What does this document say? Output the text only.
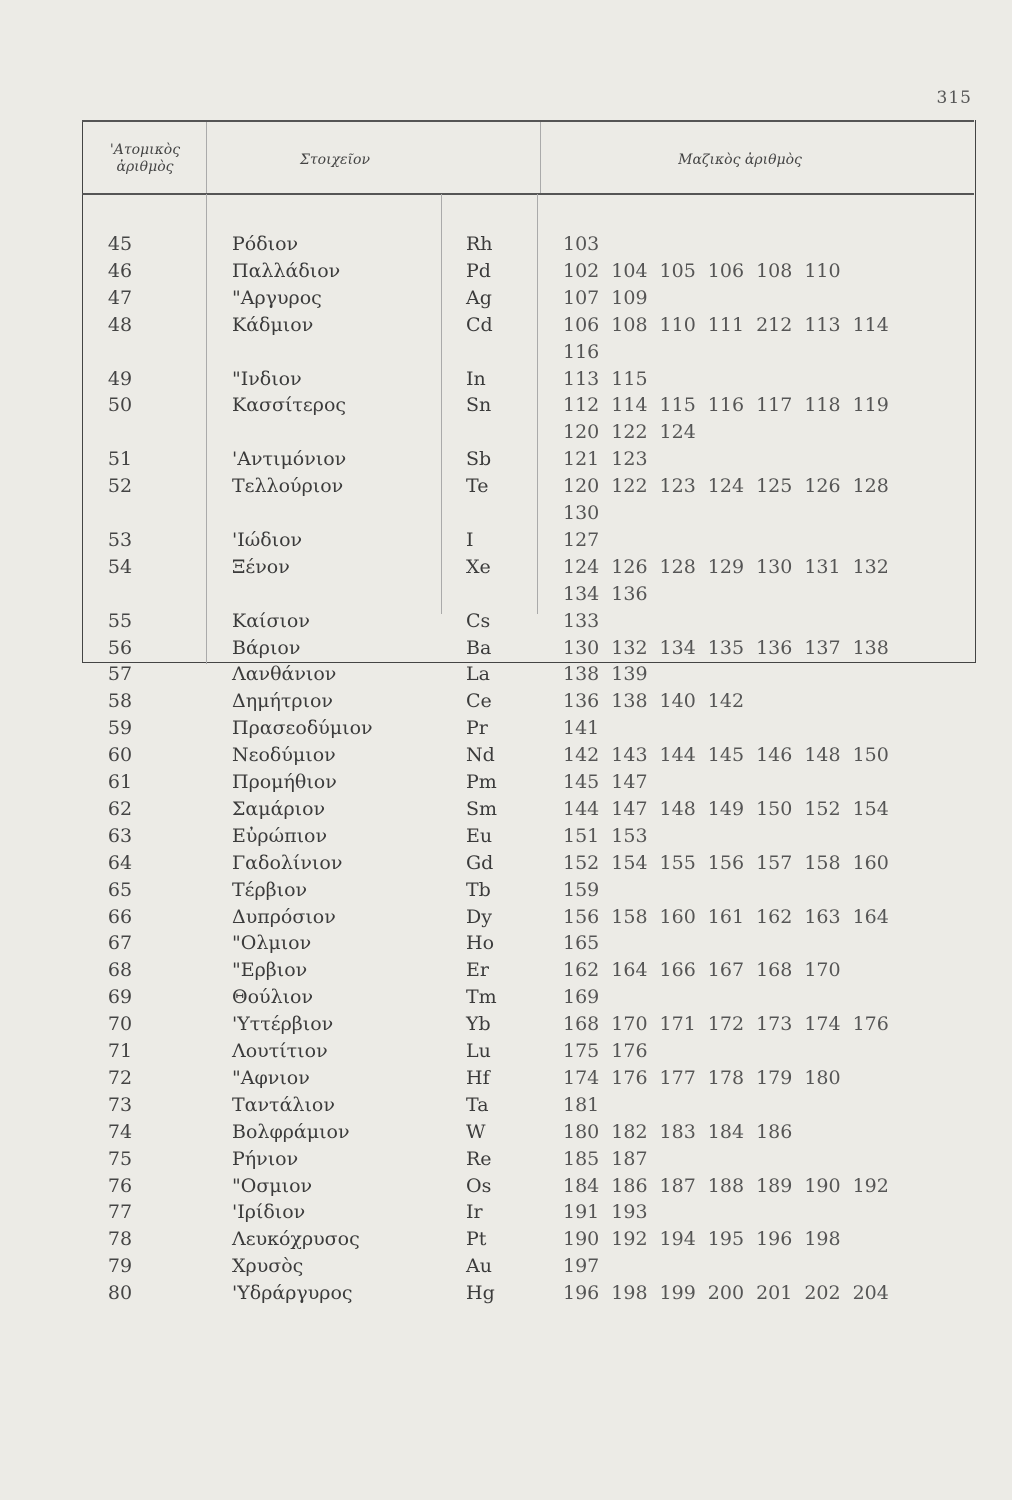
315
'Ατομικὸς
ἀριθμὸς	Στοιχεῖον	Μαζικὸς ἀριθμὸς
45	Ρόδιον	Rh	103
46	Παλλάδιον	Pd	102 104 105 106 108 110
47	"Αργυρος	Ag	107 109
48	Κάδμιον	Cd	106 108 110 111 212 113 114
116
49	"Ινδιον	In	113 115
50	Κασσίτερος	Sn	112 114 115 116 117 118 119
120 122 124
51	'Αντιμόνιον	Sb	121 123
52	Τελλούριον	Te	120 122 123 124 125 126 128
130
53	'Ιώδιον	I	127
54	Ξένον	Xe	124 126 128 129 130 131 132
134 136
55	Καίσιον	Cs	133
56	Βάριον	Ba	130 132 134 135 136 137 138
57	Λανθάνιον	La	138 139
58	Δημήτριον	Ce	136 138 140 142
59	Πρασεοδύμιον	Pr	141
60	Νεοδύμιον	Nd	142 143 144 145 146 148 150
61	Προμήθιον	Pm	145 147
62	Σαμάριον	Sm	144 147 148 149 150 152 154
63	Εὐρώπιον	Eu	151 153
64	Γαδολίνιον	Gd	152 154 155 156 157 158 160
65	Τέρβιον	Tb	159
66	Δυπρόσιον	Dy	156 158 160 161 162 163 164
67	"Ολμιον	Ho	165
68	"Ερβιον	Er	162 164 166 167 168 170
69	Θούλιον	Tm	169
70	'Υττέρβιον	Yb	168 170 171 172 173 174 176
71	Λουτίτιον	Lu	175 176
72	"Αφνιον	Hf	174 176 177 178 179 180
73	Ταντάλιον	Ta	181
74	Βολφράμιον	W	180 182 183 184 186
75	Ρήνιον	Re	185 187
76	"Οσμιον	Os	184 186 187 188 189 190 192
77	'Ιρίδιον	Ir	191 193
78	Λευκόχρυσος	Pt	190 192 194 195 196 198
79	Χρυσὸς	Au	197
80	'Υδράργυρος	Hg	196 198 199 200 201 202 204
